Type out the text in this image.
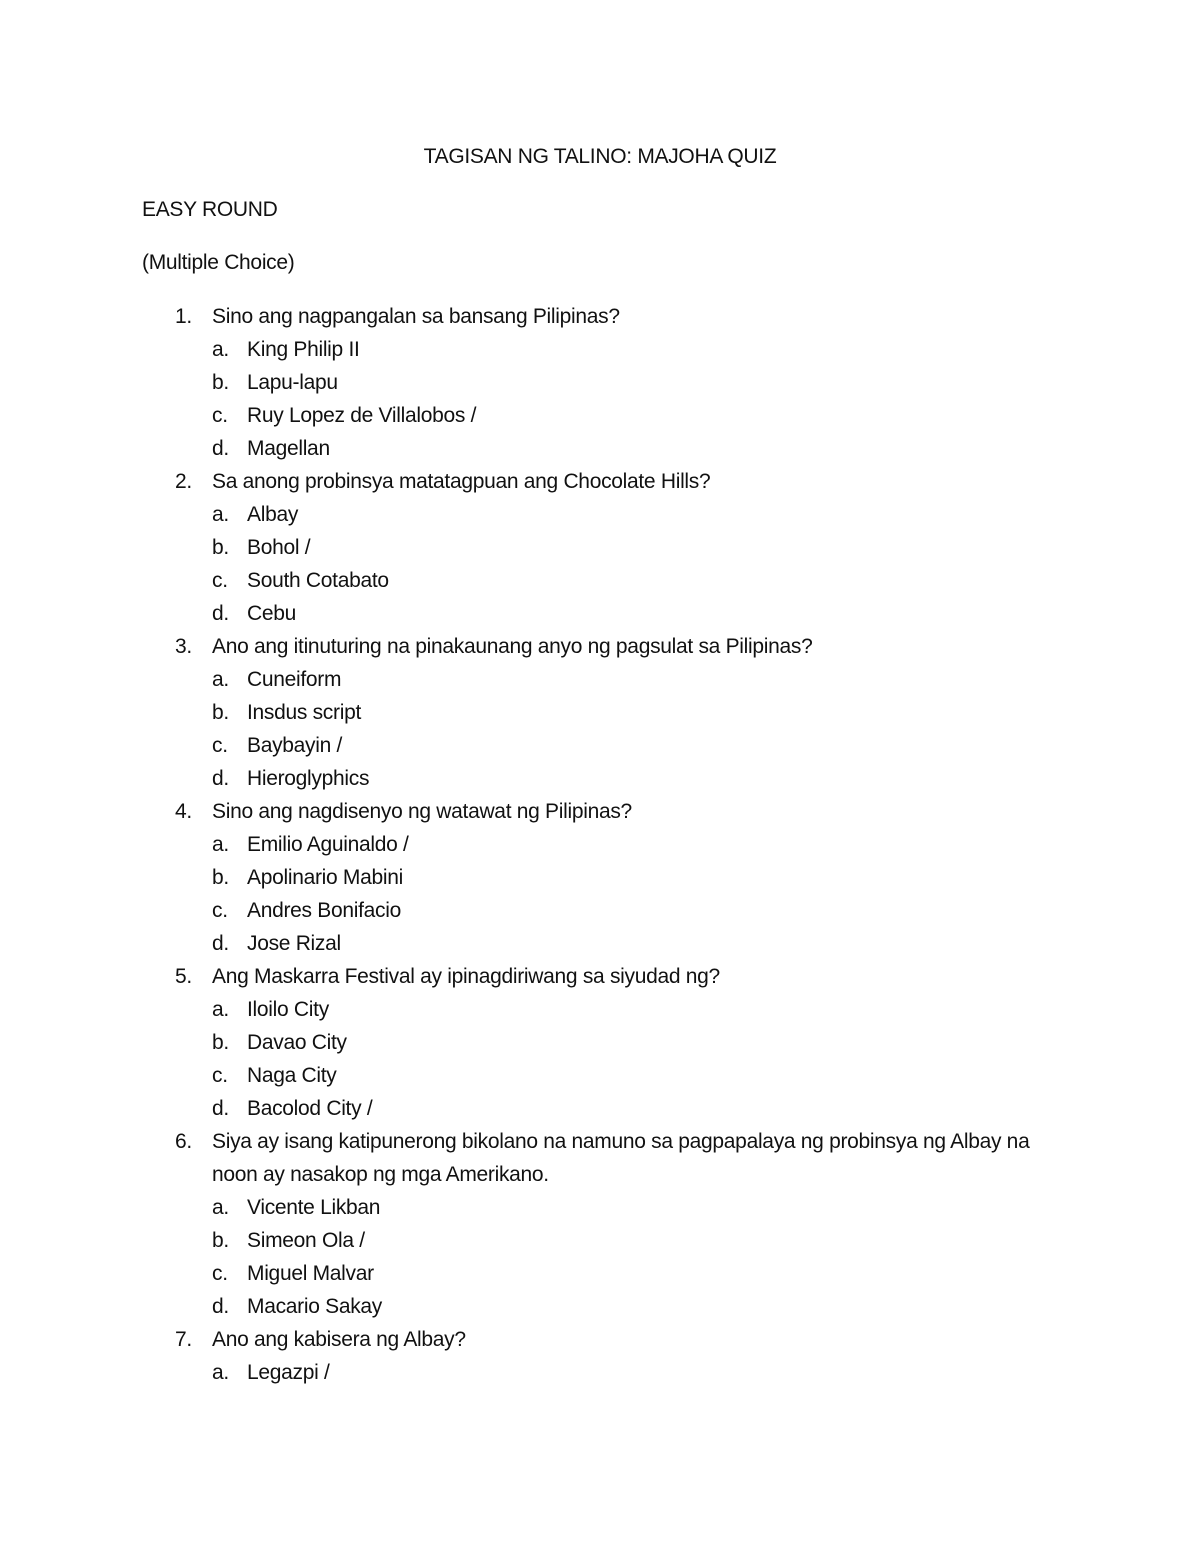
TAGISAN NG TALINO: MAJOHA QUIZ
EASY ROUND
(Multiple Choice)
1. Sino ang nagpangalan sa bansang Pilipinas?
a. King Philip II
b. Lapu-lapu
c. Ruy Lopez de Villalobos /
d. Magellan
2. Sa anong probinsya matatagpuan ang Chocolate Hills?
a. Albay
b. Bohol /
c. South Cotabato
d. Cebu
3. Ano ang itinuturing na pinakaunang anyo ng pagsulat sa Pilipinas?
a. Cuneiform
b. Insdus script
c. Baybayin /
d. Hieroglyphics
4. Sino ang nagdisenyo ng watawat ng Pilipinas?
a. Emilio Aguinaldo /
b. Apolinario Mabini
c. Andres Bonifacio
d. Jose Rizal
5. Ang Maskarra Festival ay ipinagdiriwang sa siyudad ng?
a. Iloilo City
b. Davao City
c. Naga City
d. Bacolod City /
6. Siya ay isang katipunerong bikolano na namuno sa pagpapalaya ng probinsya ng Albay na noon ay nasakop ng mga Amerikano.
a. Vicente Likban
b. Simeon Ola /
c. Miguel Malvar
d. Macario Sakay
7. Ano ang kabisera ng Albay?
a. Legazpi /
